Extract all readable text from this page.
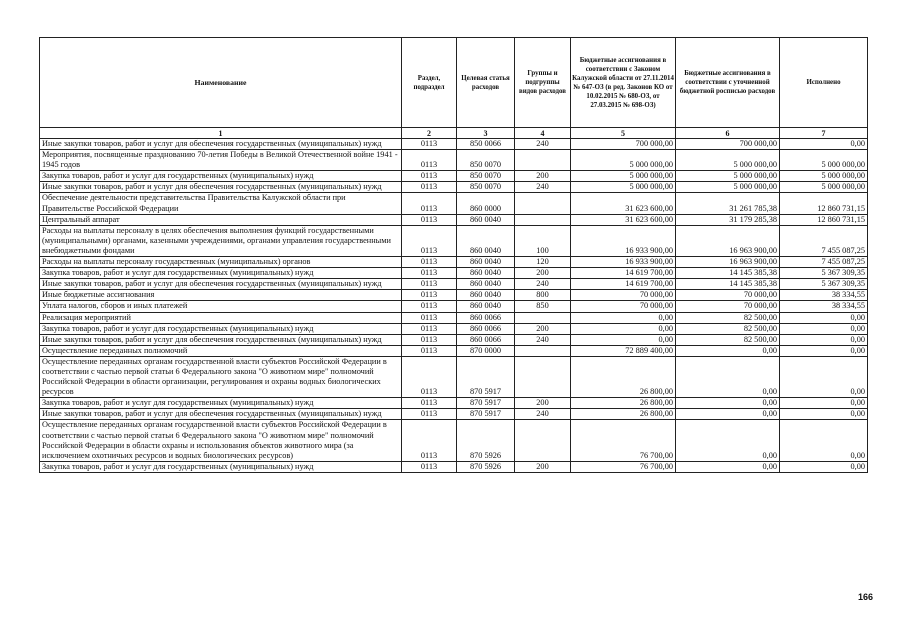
Наименование	Раздел, подраздел	Целевая статья расходов	Группы и подгруппы видов расходов	Бюджетные ассигнования в соответствии с Законом Калужской области от 27.11.2014 № 647-ОЗ (в ред. Законов КО от 10.02.2015 № 680-ОЗ, от 27.03.2015 № 698-ОЗ)	Бюджетные ассигнования в соответствии с уточненной бюджетной росписью расходов	Исполнено
1	2	3	4	5	6	7
Иные закупки товаров, работ и услуг для обеспечения государственных (муниципальных) нужд	0113	850 0066	240	700 000,00	700 000,00	0,00
Мероприятия, посвященные празднованию 70-летия Победы в Великой Отечественной войне 1941 - 1945 годов	0113	850 0070		5 000 000,00	5 000 000,00	5 000 000,00
Закупка товаров, работ и услуг для государственных (муниципальных) нужд	0113	850 0070	200	5 000 000,00	5 000 000,00	5 000 000,00
Иные закупки товаров, работ и услуг для обеспечения государственных (муниципальных) нужд	0113	850 0070	240	5 000 000,00	5 000 000,00	5 000 000,00
Обеспечение деятельности представительства Правительства Калужской области при Правительстве Российской Федерации	0113	860 0000		31 623 600,00	31 261 785,38	12 860 731,15
Центральный аппарат	0113	860 0040		31 623 600,00	31 179 285,38	12 860 731,15
Расходы на выплаты персоналу в целях обеспечения выполнения функций государственными (муниципальными) органами, казенными учреждениями, органами управления государственными внебюджетными фондами	0113	860 0040	100	16 933 900,00	16 963 900,00	7 455 087,25
Расходы на выплаты персоналу государственных (муниципальных) органов	0113	860 0040	120	16 933 900,00	16 963 900,00	7 455 087,25
Закупка товаров, работ и услуг для государственных (муниципальных) нужд	0113	860 0040	200	14 619 700,00	14 145 385,38	5 367 309,35
Иные закупки товаров, работ и услуг для обеспечения государственных (муниципальных) нужд	0113	860 0040	240	14 619 700,00	14 145 385,38	5 367 309,35
Иные бюджетные ассигнования	0113	860 0040	800	70 000,00	70 000,00	38 334,55
Уплата налогов, сборов и иных платежей	0113	860 0040	850	70 000,00	70 000,00	38 334,55
Реализация мероприятий	0113	860 0066		0,00	82 500,00	0,00
Закупка товаров, работ и услуг для государственных (муниципальных) нужд	0113	860 0066	200	0,00	82 500,00	0,00
Иные закупки товаров, работ и услуг для обеспечения государственных (муниципальных) нужд	0113	860 0066	240	0,00	82 500,00	0,00
Осуществление переданных полномочий	0113	870 0000		72 889 400,00	0,00	0,00
Осуществление переданных органам государственной власти субъектов Российской Федерации в соответствии с частью первой статьи 6 Федерального закона "О животном мире" полномочий Российской Федерации в области организации, регулирования и охраны водных биологических ресурсов	0113	870 5917		26 800,00	0,00	0,00
Закупка товаров, работ и услуг для государственных (муниципальных) нужд	0113	870 5917	200	26 800,00	0,00	0,00
Иные закупки товаров, работ и услуг для обеспечения государственных (муниципальных) нужд	0113	870 5917	240	26 800,00	0,00	0,00
Осуществление переданных органам государственной власти субъектов Российской Федерации в соответствии с частью первой статьи 6 Федерального закона "О животном мире" полномочий Российской Федерации в области охраны и использования объектов животного мира (за исключением охотничьих ресурсов и водных биологических ресурсов)	0113	870 5926		76 700,00	0,00	0,00
Закупка товаров, работ и услуг для государственных (муниципальных) нужд	0113	870 5926	200	76 700,00	0,00	0,00
166
